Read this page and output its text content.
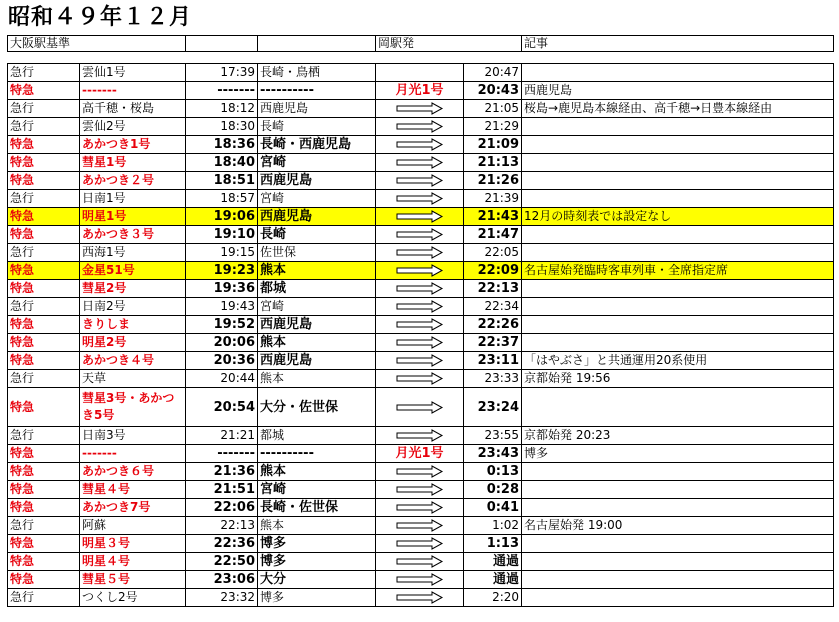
昭和４９年１２月
大阪駅基準				岡駅発		記事

急行	雲仙1号	17:39	長崎・鳥栖		20:47	
特急	-------	-------	----------	月光1号	20:43	西鹿児島
急行	高千穂・桜島	18:12	西鹿児島		21:05	桜島→鹿児島本線経由、高千穂→日豊本線経由
急行	雲仙2号	18:30	長崎		21:29	
特急	あかつき1号	18:36	長崎・西鹿児島		21:09	
特急	彗星1号	18:40	宮崎		21:13	
特急	あかつき２号	18:51	西鹿児島		21:26	
急行	日南1号	18:57	宮崎		21:39	
特急	明星1号	19:06	西鹿児島		21:43	12月の時刻表では設定なし
特急	あかつき３号	19:10	長崎		21:47	
急行	西海1号	19:15	佐世保		22:05	
特急	金星51号	19:23	熊本		22:09	名古屋始発臨時客車列車・全席指定席
特急	彗星2号	19:36	都城		22:13	
急行	日南2号	19:43	宮崎		22:34	
特急	きりしま	19:52	西鹿児島		22:26	
特急	明星2号	20:06	熊本		22:37	
特急	あかつき４号	20:36	西鹿児島		23:11	「はやぶさ」と共通運用20系使用
急行	天草	20:44	熊本		23:33	京都始発 19:56
特急	彗星3号・あかつき5号	20:54	大分・佐世保		23:24	
急行	日南3号	21:21	都城		23:55	京都始発 20:23
特急	-------	-------	----------	月光1号	23:43	博多
特急	あかつき６号	21:36	熊本		0:13	
特急	彗星４号	21:51	宮崎		0:28	
特急	あかつき7号	22:06	長崎・佐世保		0:41	
急行	阿蘇	22:13	熊本		1:02	名古屋始発 19:00
特急	明星３号	22:36	博多		1:13	
特急	明星４号	22:50	博多		通過	
特急	彗星５号	23:06	大分		通過	
急行	つくし2号	23:32	博多		2:20	
